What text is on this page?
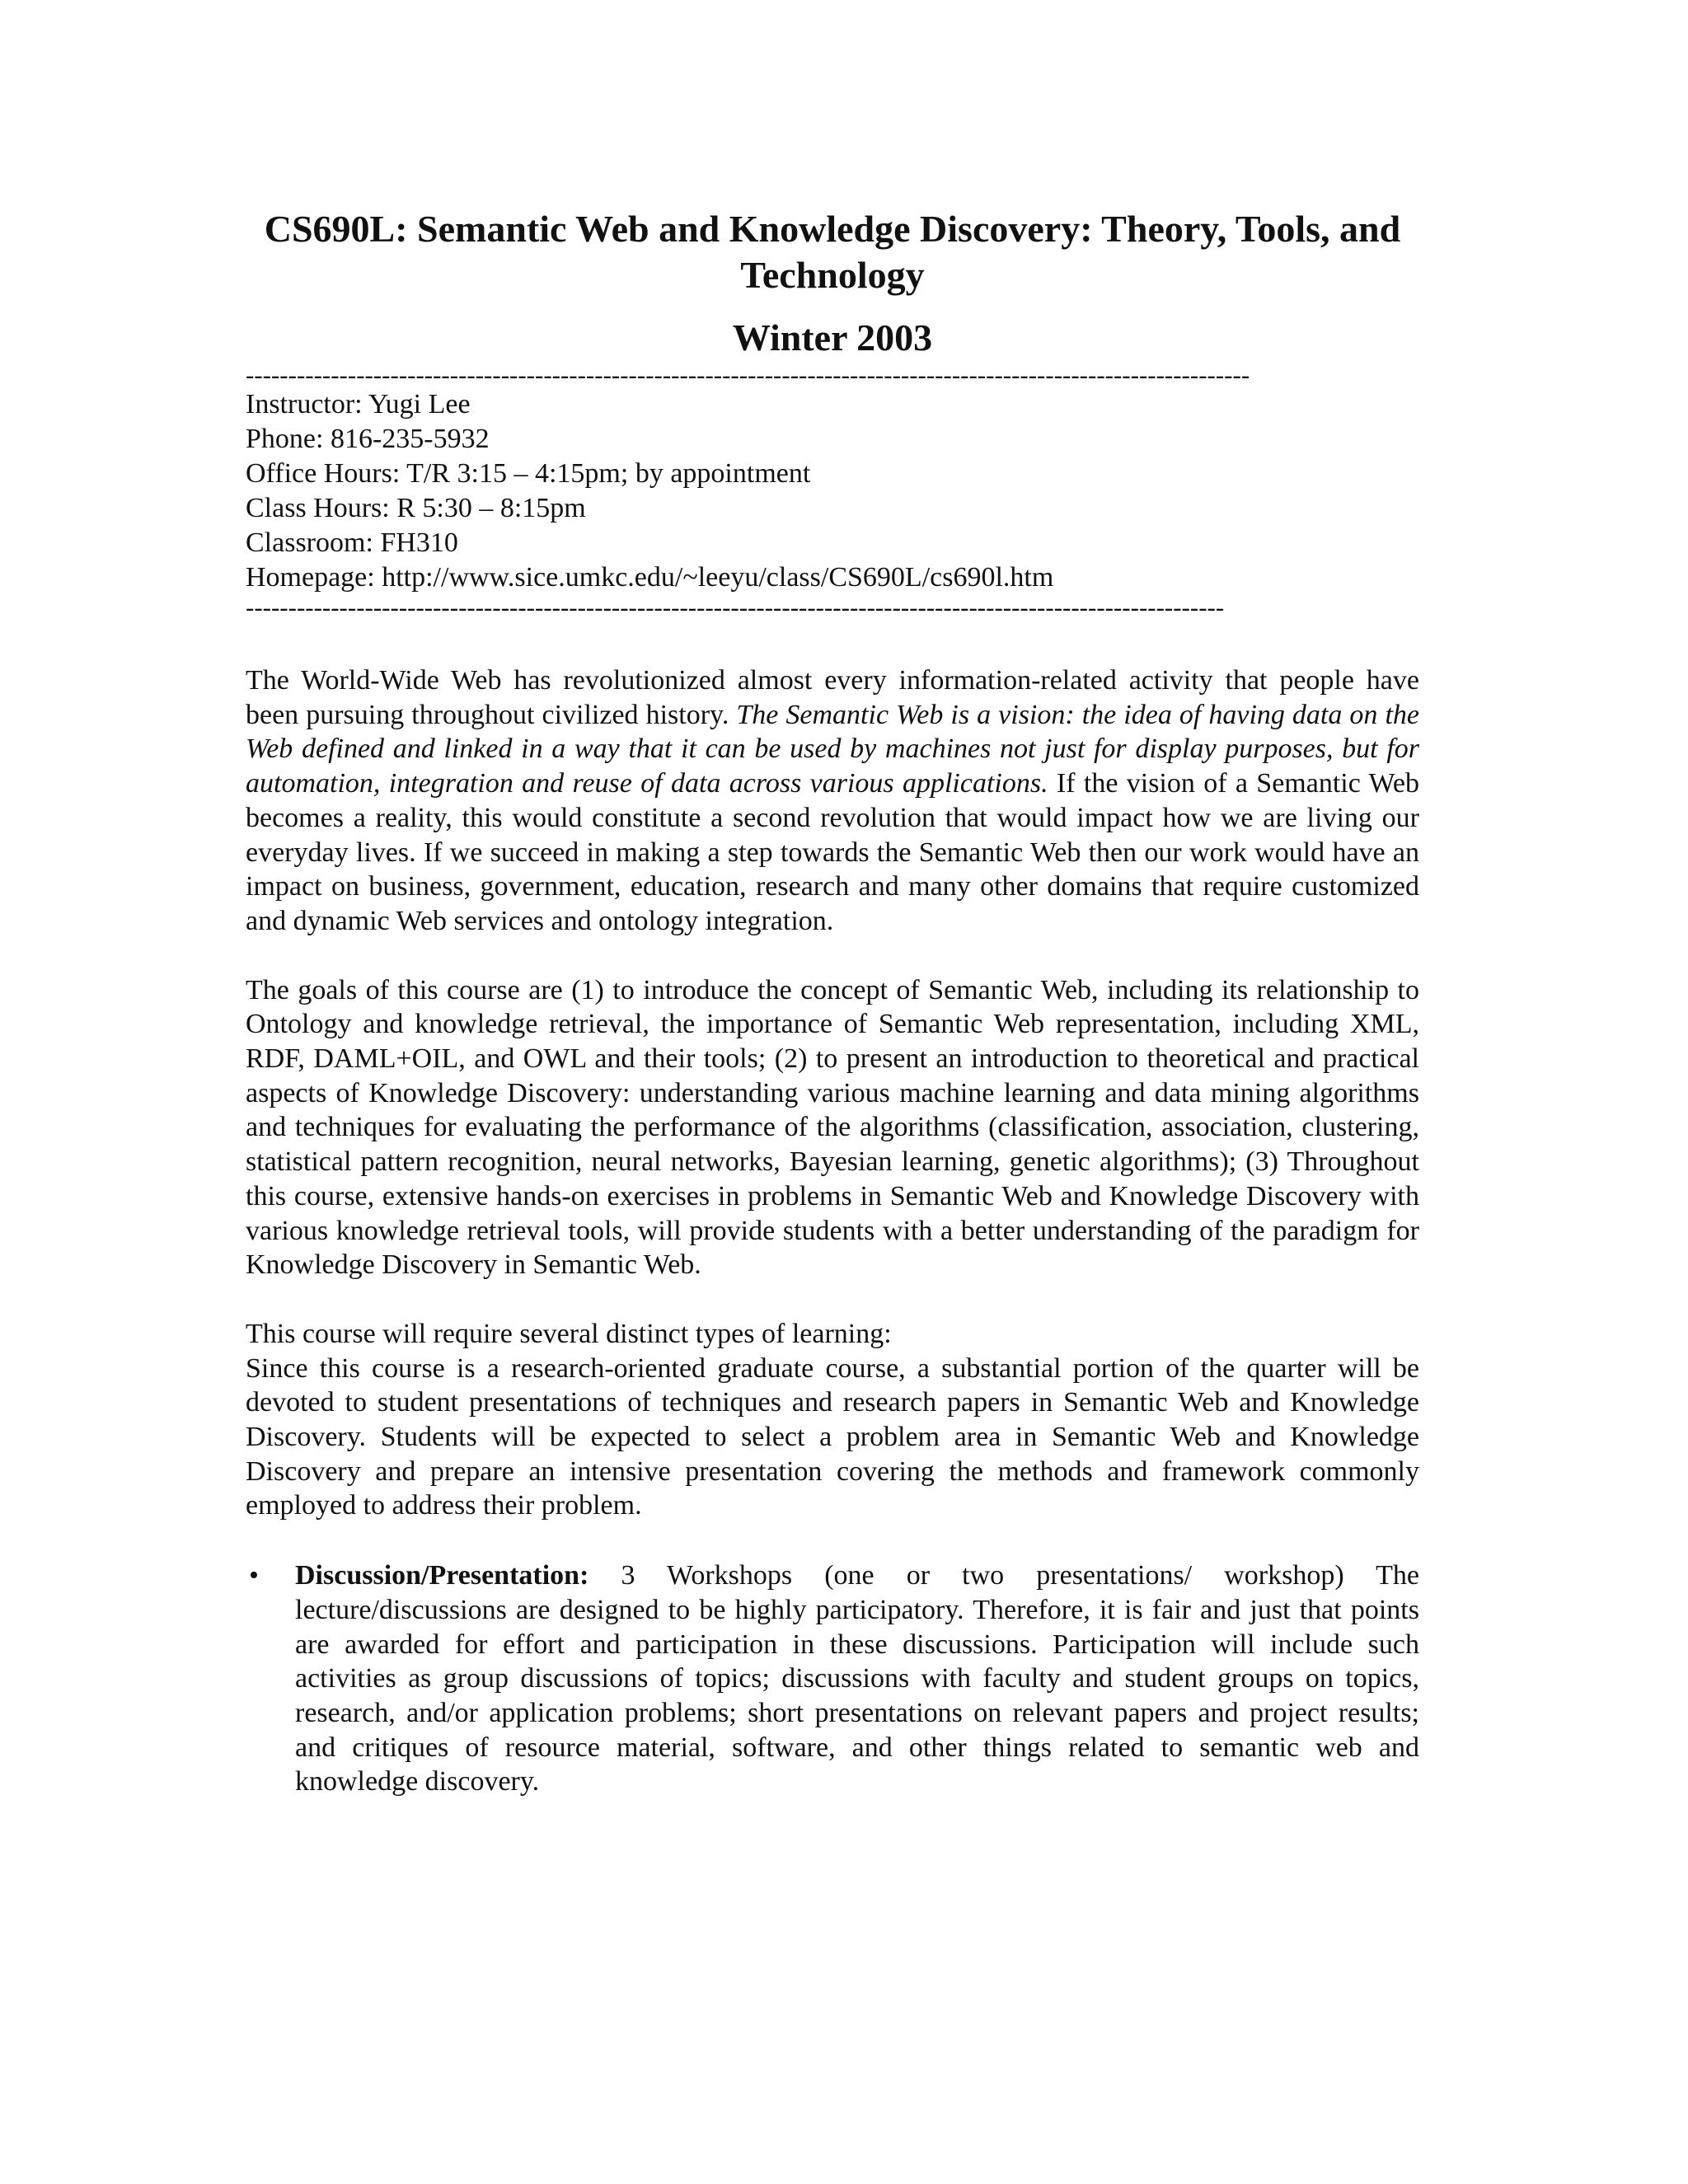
CS690L: Semantic Web and Knowledge Discovery: Theory, Tools, and Technology
Winter 2003
----------------------------------------------------------------------------------------------------------------------
Instructor: Yugi Lee
Phone: 816-235-5932
Office Hours: T/R 3:15 – 4:15pm; by appointment
Class Hours: R 5:30 – 8:15pm
Classroom: FH310
Homepage: http://www.sice.umkc.edu/~leeyu/class/CS690L/cs690l.htm
-------------------------------------------------------------------------------------------------------------------

The World-Wide Web has revolutionized almost every information-related activity that people have been pursuing throughout civilized history. The Semantic Web is a vision: the idea of having data on the Web defined and linked in a way that it can be used by machines not just for display purposes, but for automation, integration and reuse of data across various applications. If the vision of a Semantic Web becomes a reality, this would constitute a second revolution that would impact how we are living our everyday lives. If we succeed in making a step towards the Semantic Web then our work would have an impact on business, government, education, research and many other domains that require customized and dynamic Web services and ontology integration.

The goals of this course are (1) to introduce the concept of Semantic Web, including its relationship to Ontology and knowledge retrieval, the importance of Semantic Web representation, including XML, RDF, DAML+OIL, and OWL and their tools; (2) to present an introduction to theoretical and practical aspects of Knowledge Discovery: understanding various machine learning and data mining algorithms and techniques for evaluating the performance of the algorithms (classification, association, clustering, statistical pattern recognition, neural networks, Bayesian learning, genetic algorithms); (3) Throughout this course, extensive hands-on exercises in problems in Semantic Web and Knowledge Discovery with various knowledge retrieval tools, will provide students with a better understanding of the paradigm for Knowledge Discovery in Semantic Web.

This course will require several distinct types of learning:
Since this course is a research-oriented graduate course, a substantial portion of the quarter will be devoted to student presentations of techniques and research papers in Semantic Web and Knowledge Discovery. Students will be expected to select a problem area in Semantic Web and Knowledge Discovery and prepare an intensive presentation covering the methods and framework commonly employed to address their problem.

• Discussion/Presentation: 3 Workshops (one or two presentations/ workshop) The lecture/discussions are designed to be highly participatory. Therefore, it is fair and just that points are awarded for effort and participation in these discussions. Participation will include such activities as group discussions of topics; discussions with faculty and student groups on topics, research, and/or application problems; short presentations on relevant papers and project results; and critiques of resource material, software, and other things related to semantic web and knowledge discovery.
